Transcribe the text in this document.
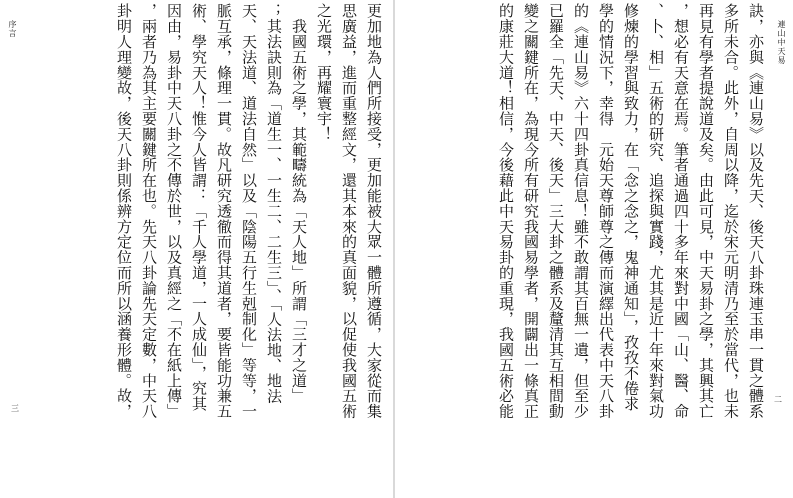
序言	更加地為人們所接受，更加能被大眾一體所遵循，大家從而集
思廣益，進而重整經文，還其本來的真面貌，以促使我國五術
之光環，再耀寰宇！
　我國五術之學，其範疇統為「天人地」所謂「三才之道」
；其法訣則為「道生一、一生二、二生三」、「人法地、地法
天、天法道、道法自然」以及「陰陽五行生剋制化」等等，一
脈互承，條理一貫。故凡研究透徹而得其道者，要皆能功兼五
術、學究天人！惟今人皆謂：「千人學道，一人成仙」，究其
因由，易卦中天八卦之不傳於世，以及真經之「不在紙上傳」
，兩者乃為其主要關鍵所在也。先天八卦論先天定數，中天八
卦明人理變故，後天八卦則係辨方定位而所以涵養形體。故，
三
連山中天易
訣，亦與《連山易》以及先天、後天八卦珠連玉串一貫之體系
多所未合。此外，自周以降，迄於宋元明清乃至於當代，也未
再見有學者提說道及矣。由此可見，中天易卦之學，其興其亡
，想必有天意在焉。筆者通過四十多年來對中國「山、醫、命
、卜、相」五術的研究、追探與實踐，尤其是近十年來對氣功
修煉的學習與致力，在「念之念之，鬼神通知」，孜孜不倦求
學的情況下，幸得　元始天尊師尊之傳而演繹出代表中天八卦
的《連山易》六十四卦真信息！雖不敢謂其百無一遺，但至少
已羅全「先天、中天、後天」三大卦之體系及釐清其互相間動
變之關鍵所在，為現今所有研究我國易學者，開闢出一條真正
的康莊大道！相信，今後藉此中天易卦的重現，我國五術必能	二
